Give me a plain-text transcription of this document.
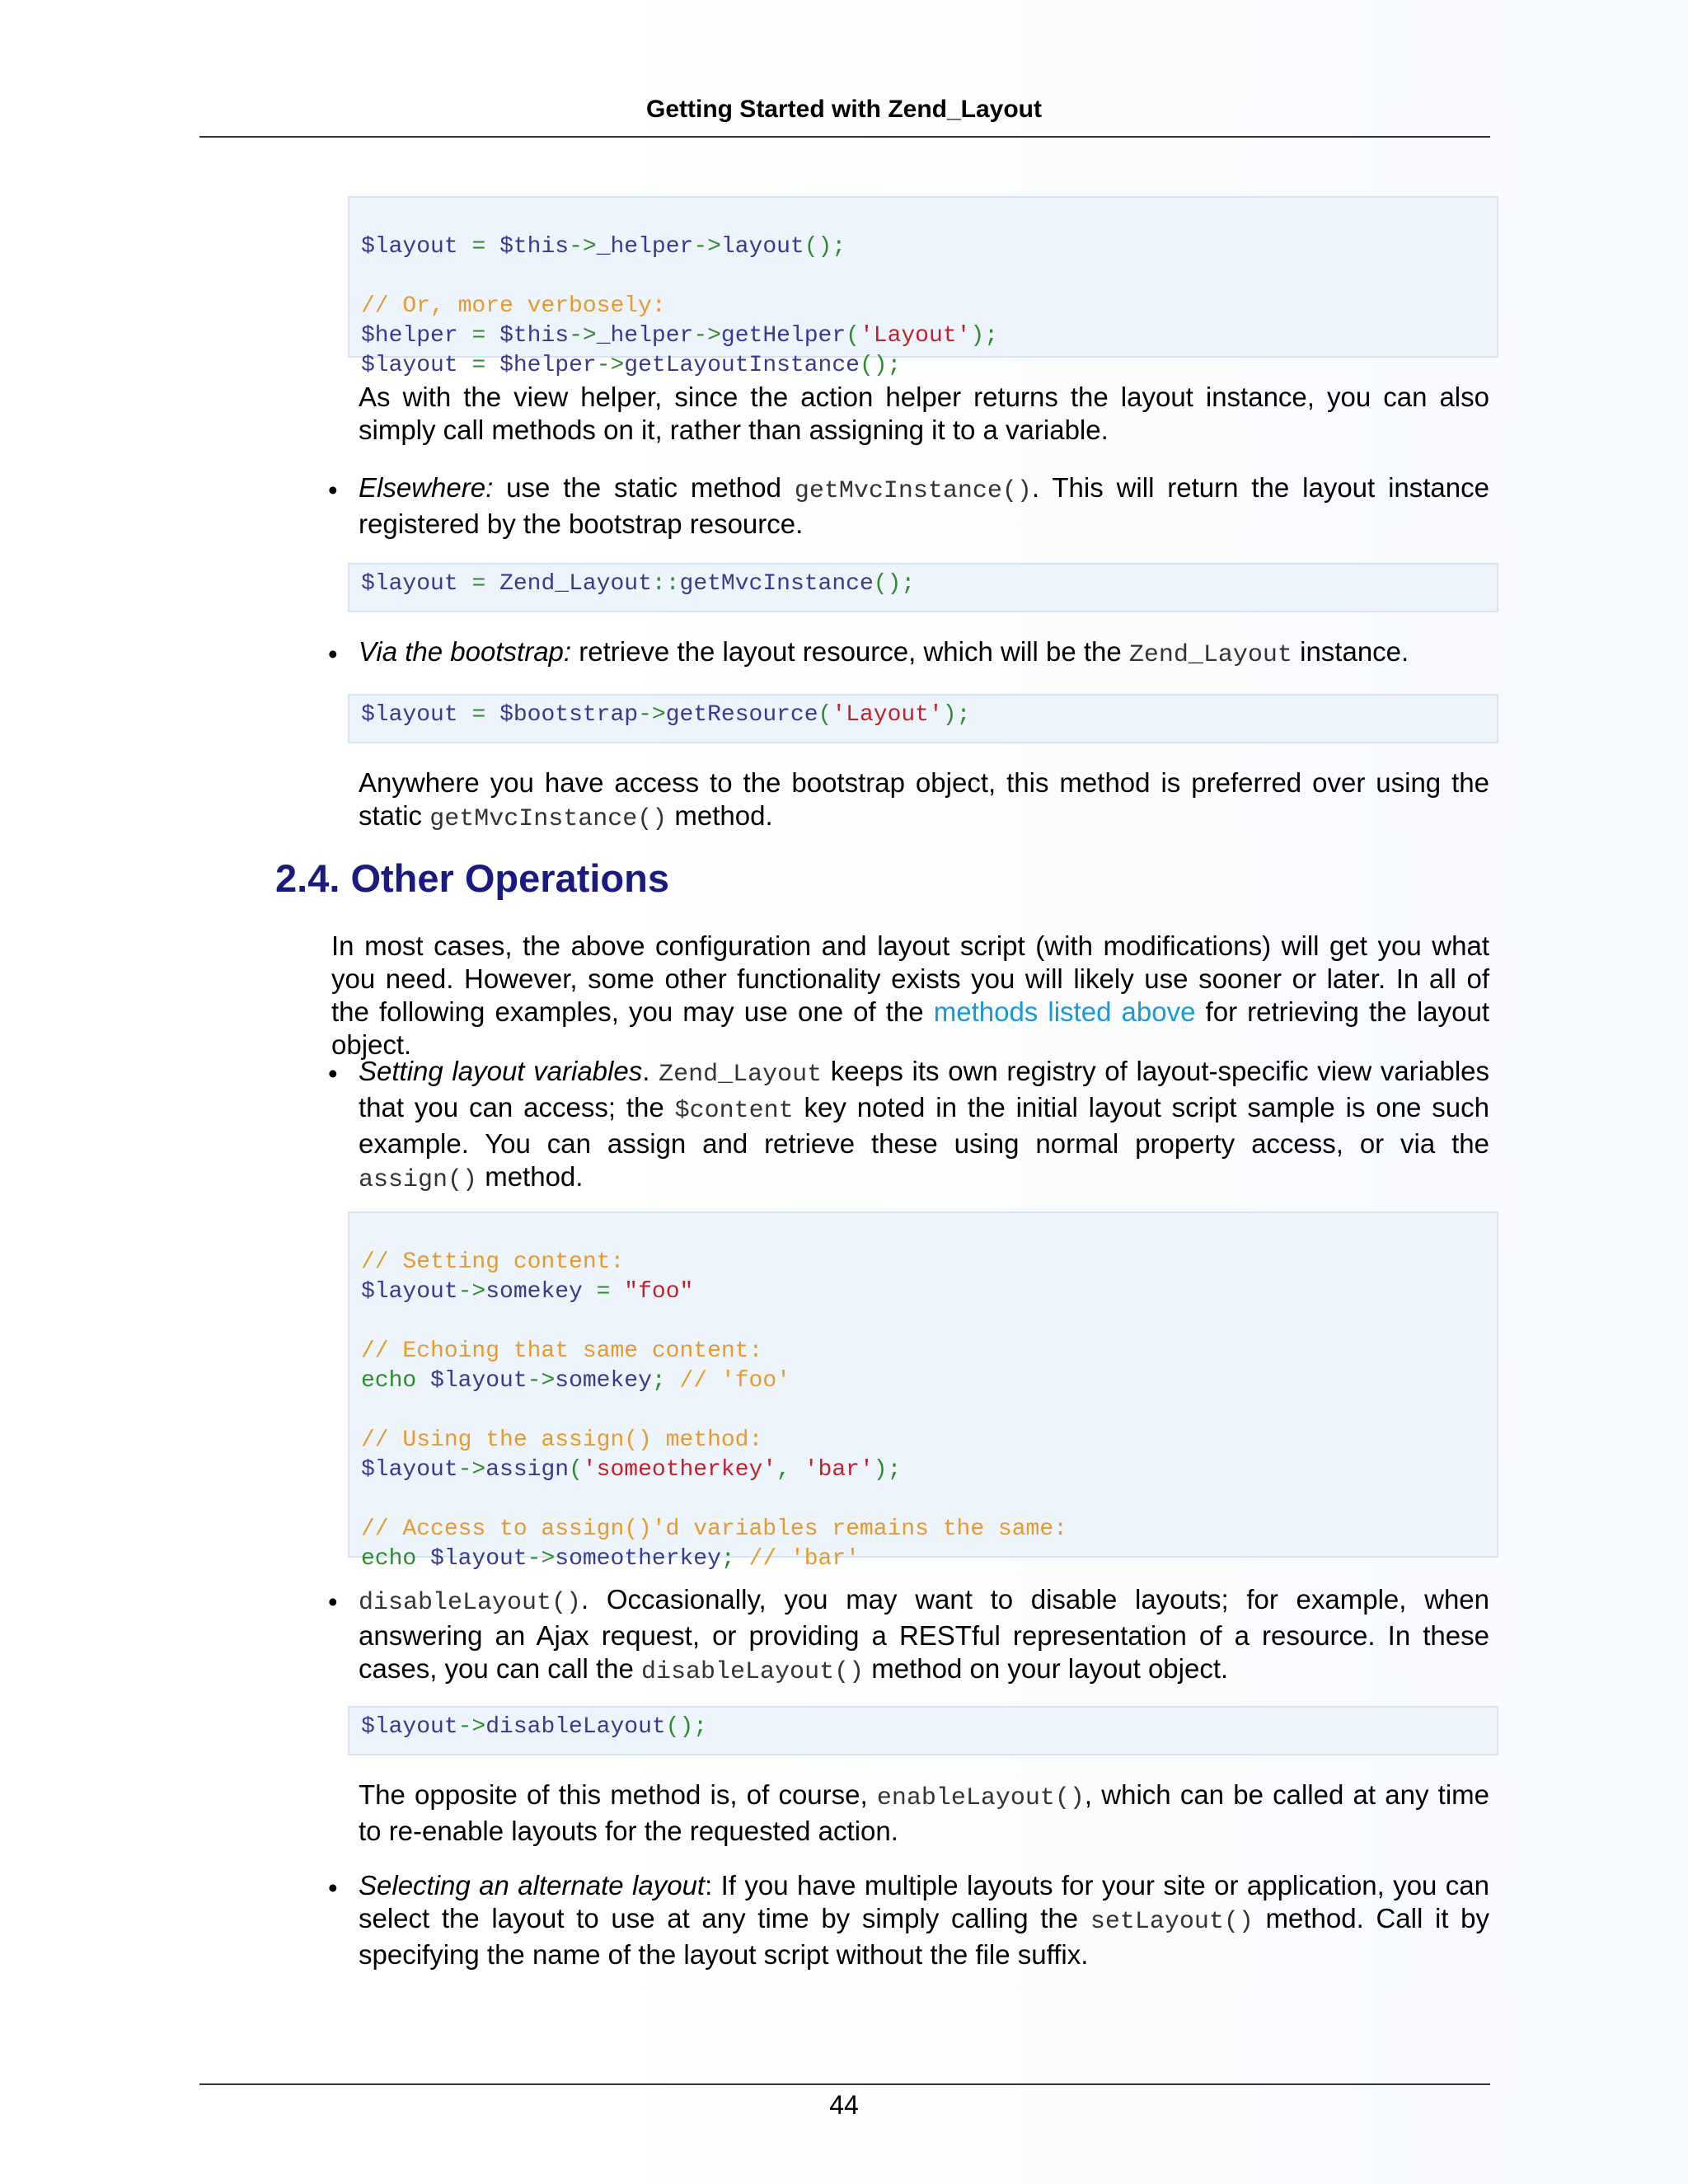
Getting Started with Zend_Layout

$layout = $this->_helper->layout();

// Or, more verbosely:
$helper = $this->_helper->getHelper('Layout');
$layout = $helper->getLayoutInstance();

As with the view helper, since the action helper returns the layout instance, you can also simply call methods on it, rather than assigning it to a variable.
• Elsewhere: use the static method getMvcInstance(). This will return the layout instance registered by the bootstrap resource.
$layout = Zend_Layout::getMvcInstance();
• Via the bootstrap: retrieve the layout resource, which will be the Zend_Layout instance.
$layout = $bootstrap->getResource('Layout');
Anywhere you have access to the bootstrap object, this method is preferred over using the static getMvcInstance() method.
2.4. Other Operations
In most cases, the above configuration and layout script (with modifications) will get you what you need. However, some other functionality exists you will likely use sooner or later. In all of the following examples, you may use one of the methods listed above for retrieving the layout object.
• Setting layout variables. Zend_Layout keeps its own registry of layout-specific view variables that you can access; the $content key noted in the initial layout script sample is one such example. You can assign and retrieve these using normal property access, or via the assign() method.

// Setting content:
$layout->somekey = "foo"

// Echoing that same content:
echo $layout->somekey; // 'foo'

// Using the assign() method:
$layout->assign('someotherkey', 'bar');

// Access to assign()'d variables remains the same:
echo $layout->someotherkey; // 'bar'

• disableLayout(). Occasionally, you may want to disable layouts; for example, when answering an Ajax request, or providing a RESTful representation of a resource. In these cases, you can call the disableLayout() method on your layout object.
$layout->disableLayout();
The opposite of this method is, of course, enableLayout(), which can be called at any time to re-enable layouts for the requested action.
• Selecting an alternate layout: If you have multiple layouts for your site or application, you can select the layout to use at any time by simply calling the setLayout() method. Call it by specifying the name of the layout script without the file suffix.
44
